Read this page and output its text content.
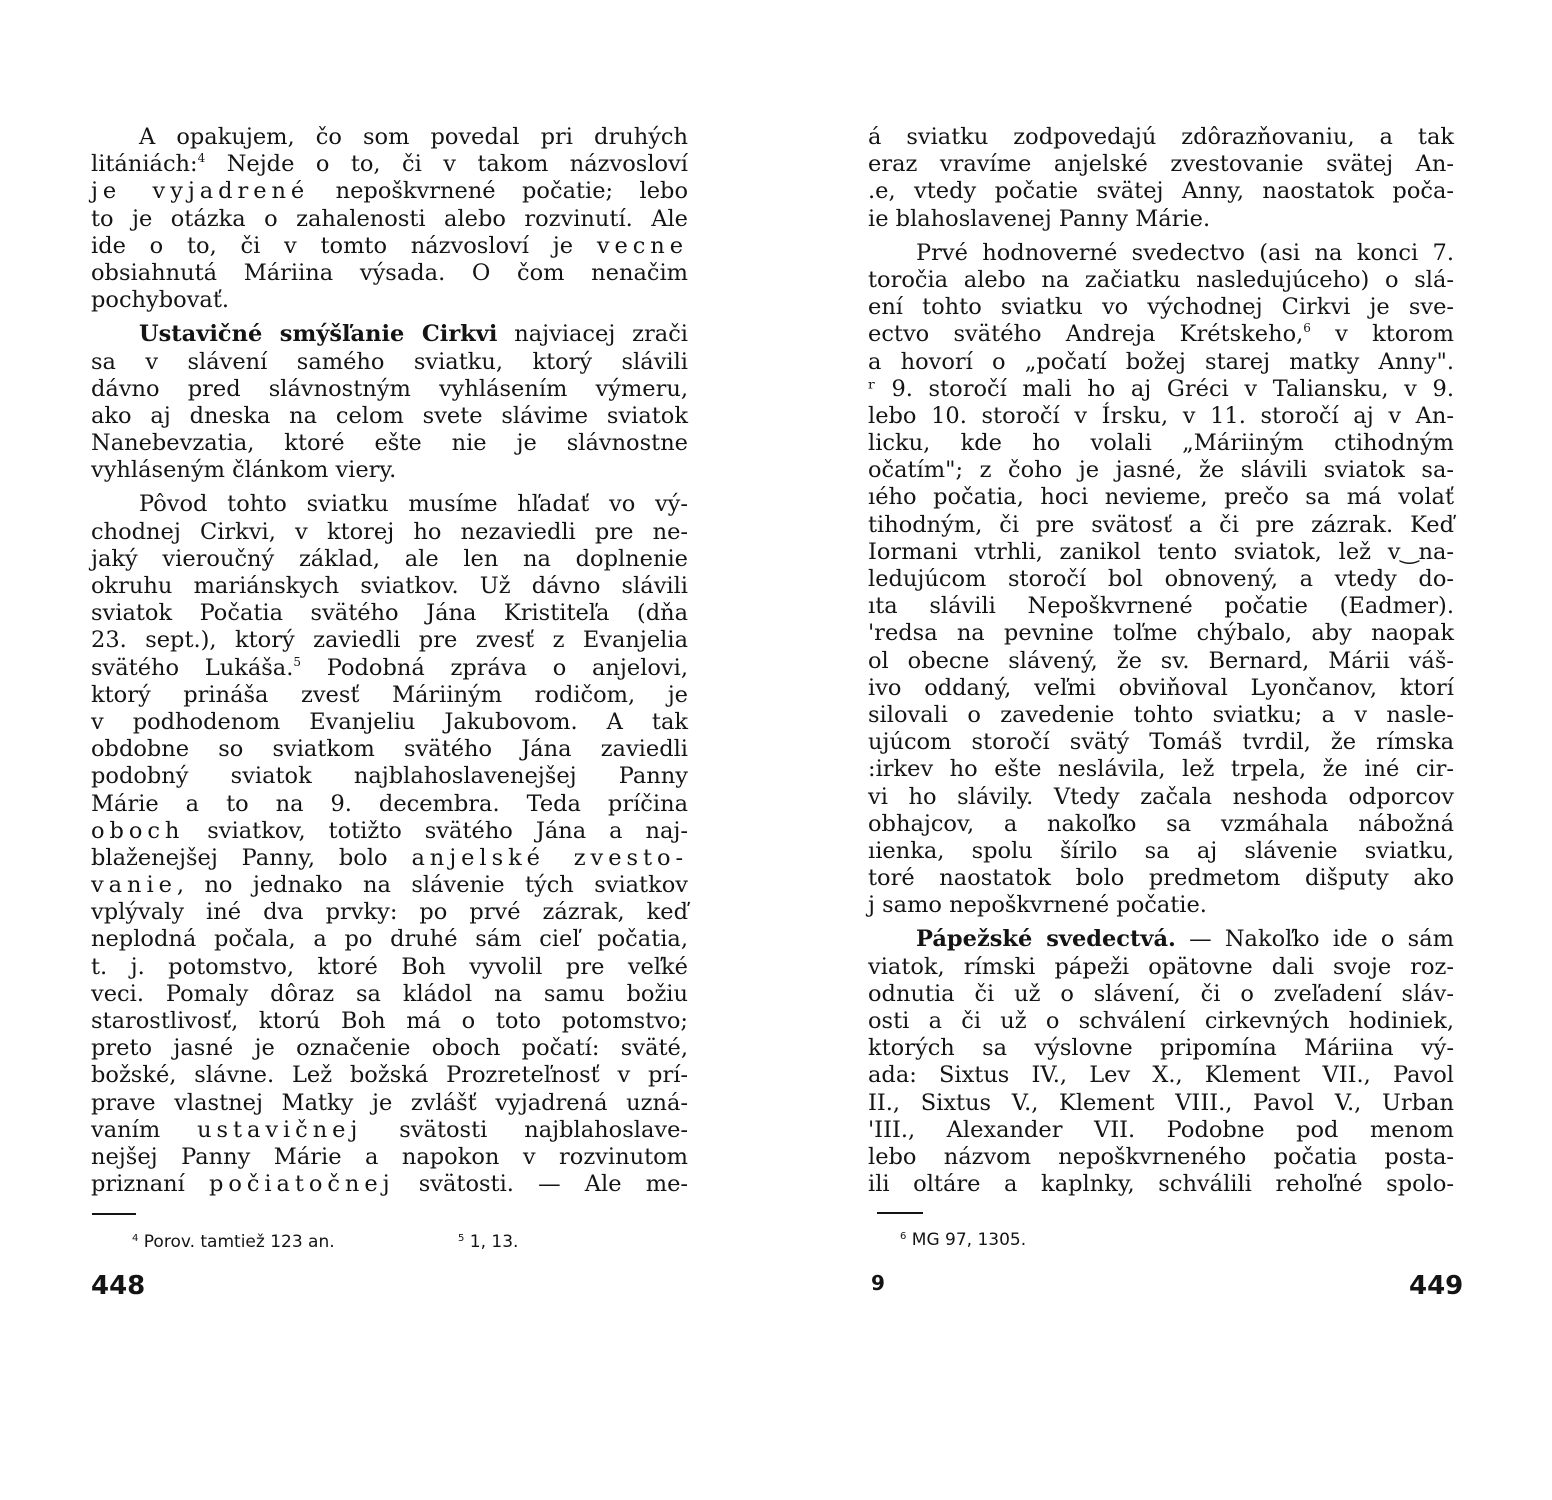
A opakujem, čo som povedal pri druhých
litániách:$^4$ Nejde o to, či v takom názvosloví
je vyjadrené nepoškvrnené počatie; lebo
to je otázka o zahalenosti alebo rozvinutí. Ale
ide o to, či v tomto názvosloví je vecne
obsiahnutá Máriina výsada. O čom nenačim
pochybovať.
Ustavičné smýšľanie Cirkvi najviacej zrači
sa v slávení samého sviatku, ktorý slávili
dávno pred slávnostným vyhlásením výmeru,
ako aj dneska na celom svete slávime sviatok
Nanebevzatia, ktoré ešte nie je slávnostne
vyhláseným článkom viery.
Pôvod tohto sviatku musíme hľadať vo vý-
chodnej Cirkvi, v ktorej ho nezaviedli pre ne-
jaký vieroučný základ, ale len na doplnenie
okruhu mariánskych sviatkov. Už dávno slávili
sviatok Počatia svätého Jána Kristiteľa (dňa
23. sept.), ktorý zaviedli pre zvesť z Evanjelia
svätého Lukáša.$^5$ Podobná zpráva o anjelovi,
ktorý prináša zvesť Máriiným rodičom, je
v podhodenom Evanjeliu Jakubovom. A tak
obdobne so sviatkom svätého Jána zaviedli
podobný sviatok najblahoslavenejšej Panny
Márie a to na 9. decembra. Teda príčina
oboch sviatkov, totižto svätého Jána a naj-
blaženejšej Panny, bolo anjelské zvesto-
vanie, no jednako na slávenie tých sviatkov
vplývaly iné dva prvky: po prvé zázrak, keď
neplodná počala, a po druhé sám cieľ počatia,
t. j. potomstvo, ktoré Boh vyvolil pre veľké
veci. Pomaly dôraz sa kládol na samu božiu
starostlivosť, ktorú Boh má o toto potomstvo;
preto jasné je označenie oboch počatí: sväté,
božské, slávne. Lež božská Prozreteľnosť v prí-
prave vlastnej Matky je zvlášť vyjadrená uzná-
vaním ustavičnej svätosti najblahoslave-
nejšej Panny Márie a napokon v rozvinutom
priznaní počiatočnej svätosti. — Ale me-
$^4$ Porov. tamtiež 123 an.	$^5$ 1, 13.
448
á sviatku zodpovedajú zdôrazňovaniu, a tak
eraz vravíme anjelské zvestovanie svätej An-
.e, vtedy počatie svätej Anny, naostatok poča-
ie blahoslavenej Panny Márie.
Prvé hodnoverné svedectvo (asi na konci 7.
toročia alebo na začiatku nasledujúceho) o slá-
ení tohto sviatku vo východnej Cirkvi je sve-
ectvo svätého Andreja Krétskeho,$^6$ v ktorom
a hovorí o „počatí božej starej matky Anny".
ʳ 9. storočí mali ho aj Gréci v Taliansku, v 9.
lebo 10. storočí v Írsku, v 11. storočí aj v An-
licku, kde ho volali „Máriiným ctihodným
očatím"; z čoho je jasné, že slávili sviatok sa-
ıého počatia, hoci nevieme, prečo sa má volať
tihodným, či pre svätosť a či pre zázrak. Keď
Iormani vtrhli, zanikol tento sviatok, lež v‿na-
ledujúcom storočí bol obnovený, a vtedy do-
ıta slávili Nepoškvrnené počatie (Eadmer).
'redsa na pevnine toľme chýbalo, aby naopak
ol obecne slávený, že sv. Bernard, Márii váš-
ivo oddaný, veľmi obviňoval Lyončanov, ktorí
silovali o zavedenie tohto sviatku; a v nasle-
ujúcom storočí svätý Tomáš tvrdil, že rímska
:irkev ho ešte neslávila, lež trpela, že iné cir-
vi ho slávily. Vtedy začala neshoda odporcov
obhajcov, a nakoľko sa vzmáhala nábožná
ıienka, spolu šírilo sa aj slávenie sviatku,
toré naostatok bolo predmetom dišputy ako
j samo nepoškvrnené počatie.
Pápežské svedectvá. — Nakoľko ide o sám
viatok, rímski pápeži opätovne dali svoje roz-
odnutia či už o slávení, či o zveľadení sláv-
osti a či už o schválení cirkevných hodiniek,
ktorých sa výslovne pripomína Máriina vý-
ada: Sixtus IV., Lev X., Klement VII., Pavol
II., Sixtus V., Klement VIII., Pavol V., Urban
'III., Alexander VII. Podobne pod menom
lebo názvom nepoškvrneného počatia posta-
ili oltáre a kaplnky, schválili rehoľné spolo-
$^6$ MG 97, 1305.
9	449
